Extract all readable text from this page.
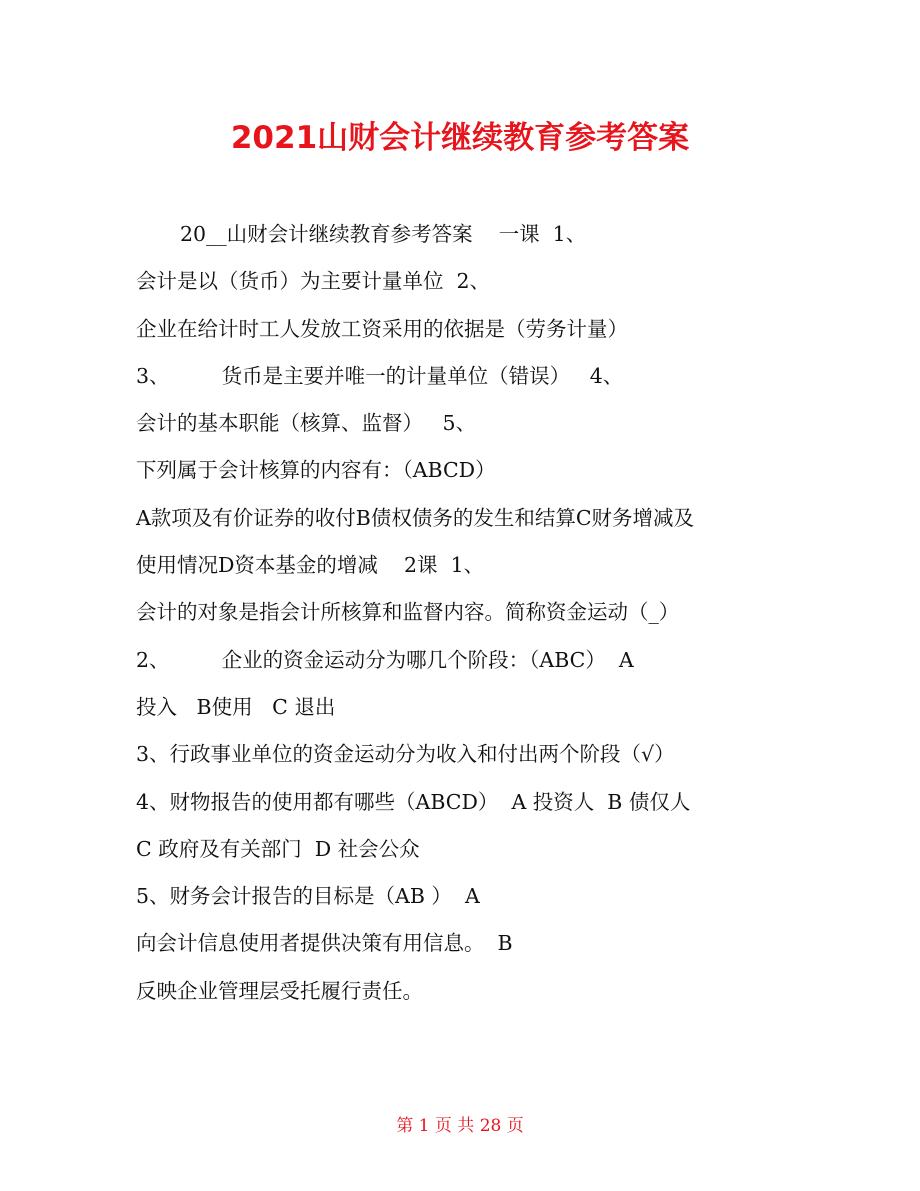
2021山财会计继续教育参考答案
20__山财会计继续教育参考答案    一课  1、
会计是以（货币）为主要计量单位  2、
企业在给计时工人发放工资采用的依据是（劳务计量）
3、        货币是主要并唯一的计量单位（错误）   4、
会计的基本职能（核算、监督）   5、
下列属于会计核算的内容有：（ABCD）
A款项及有价证券的收付B债权债务的发生和结算C财务增减及
使用情况D资本基金的增减    2课  1、
会计的对象是指会计所核算和监督内容。简称资金运动（_）
2、        企业的资金运动分为哪几个阶段：（ABC）  A
投入   B使用   C 退出
3、行政事业单位的资金运动分为收入和付出两个阶段（√）
4、财物报告的使用都有哪些（ABCD）  A 投资人  B 债仅人
C 政府及有关部门  D 社会公众
5、财务会计报告的目标是（AB ）  A
向会计信息使用者提供决策有用信息。  B
反映企业管理层受托履行责任。
第 1 页 共 28 页
